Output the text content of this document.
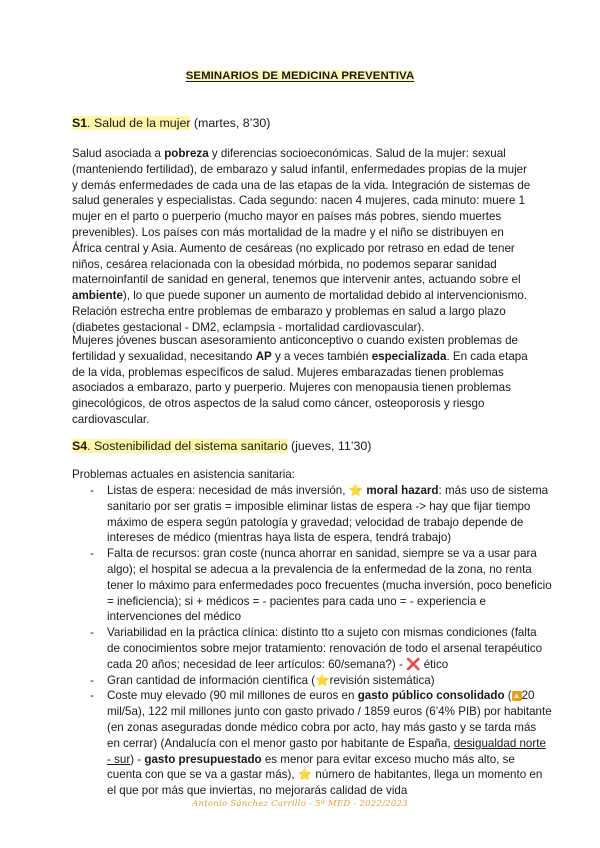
SEMINARIOS DE MEDICINA PREVENTIVA
S1. Salud de la mujer (martes, 8’30)

Salud asociada a pobreza y diferencias socioeconómicas. Salud de la mujer: sexual (manteniendo fertilidad), de embarazo y salud infantil, enfermedades propias de la mujer y demás enfermedades de cada una de las etapas de la vida. Integración de sistemas de salud generales y especialistas. Cada segundo: nacen 4 mujeres, cada minuto: muere 1 mujer en el parto o puerperio (mucho mayor en países más pobres, siendo muertes prevenibles). Los países con más mortalidad de la madre y el niño se distribuyen en África central y Asia. Aumento de cesáreas (no explicado por retraso en edad de tener niños, cesárea relacionada con la obesidad mórbida, no podemos separar sanidad maternoinfantil de sanidad en general, tenemos que intervenir antes, actuando sobre el ambiente), lo que puede suponer un aumento de mortalidad debido al intervencionismo. Relación estrecha entre problemas de embarazo y problemas en salud a largo plazo (diabetes gestacional - DM2, eclampsia - mortalidad cardiovascular).

Mujeres jóvenes buscan asesoramiento anticonceptivo o cuando existen problemas de fertilidad y sexualidad, necesitando AP y a veces también especializada. En cada etapa de la vida, problemas específicos de salud. Mujeres embarazadas tienen problemas asociados a embarazo, parto y puerperio. Mujeres con menopausia tienen problemas ginecológicos, de otros aspectos de la salud como cáncer, osteoporosis y riesgo cardiovascular.

S4. Sostenibilidad del sistema sanitario (jueves, 11’30)

Problemas actuales en asistencia sanitaria:

- Listas de espera: necesidad de más inversión, ⭐ moral hazard: más uso de sistema sanitario por ser gratis = imposible eliminar listas de espera -> hay que fijar tiempo máximo de espera según patología y gravedad; velocidad de trabajo depende de intereses de médico (mientras haya lista de espera, tendrá trabajo)
- Falta de recursos: gran coste (nunca ahorrar en sanidad, siempre se va a usar para algo); el hospital se adecua a la prevalencia de la enfermedad de la zona, no renta tener lo máximo para enfermedades poco frecuentes (mucha inversión, poco beneficio = ineficiencia); si + médicos = - pacientes para cada uno = - experiencia e intervenciones del médico
- Variabilidad en la práctica clínica: distinto tto a sujeto con mismas condiciones (falta de conocimientos sobre mejor tratamiento: renovación de todo el arsenal terapéutico cada 20 años; necesidad de leer artículos: 60/semana?) - ❌ ético
- Gran cantidad de información científica (⭐revisión sistemática)
- Coste muy elevado (90 mil millones de euros en gasto público consolidado (▲20 mil/5a), 122 mil millones junto con gasto privado / 1859 euros (6’4% PIB) por habitante (en zonas aseguradas donde médico cobra por acto, hay más gasto y se tarda más en cerrar) (Andalucía con el menor gasto por habitante de España, desigualdad norte - sur) - gasto presupuestado es menor para evitar exceso mucho más alto, se cuenta con que se va a gastar más), ⭐ número de habitantes, llega un momento en el que por más que inviertas, no mejorarás calidad de vida
Antonio Sánchez Carrillo - 5º MED - 2022/2023
